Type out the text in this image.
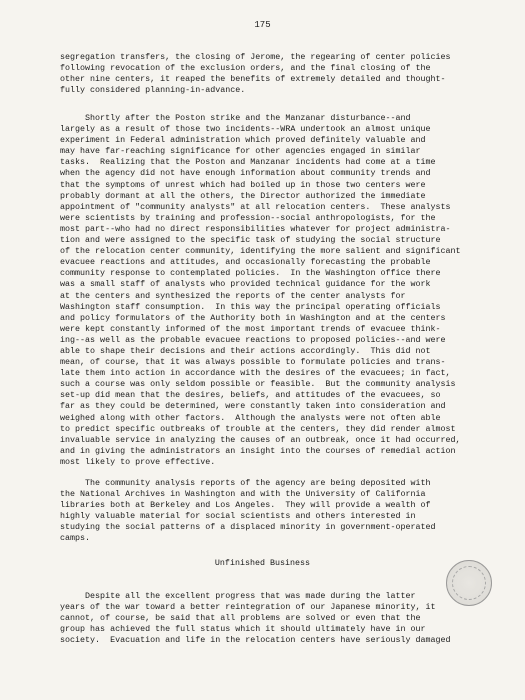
175
segregation transfers, the closing of Jerome, the regearing of center policies
following revocation of the exclusion orders, and the final closing of the
other nine centers, it reaped the benefits of extremely detailed and thought-
fully considered planning-in-advance.
Shortly after the Poston strike and the Manzanar disturbance--and
largely as a result of those two incidents--WRA undertook an almost unique
experiment in Federal administration which proved definitely valuable and
may have far-reaching significance for other agencies engaged in similar
tasks.  Realizing that the Poston and Manzanar incidents had come at a time
when the agency did not have enough information about community trends and
that the symptoms of unrest which had boiled up in those two centers were
probably dormant at all the others, the Director authorized the immediate
appointment of "community analysts" at all relocation centers.  These analysts
were scientists by training and profession--social anthropologists, for the
most part--who had no direct responsibilities whatever for project administra-
tion and were assigned to the specific task of studying the social structure
of the relocation center community, identifying the more salient and significant
evacuee reactions and attitudes, and occasionally forecasting the probable
community response to contemplated policies.  In the Washington office there
was a small staff of analysts who provided technical guidance for the work
at the centers and synthesized the reports of the center analysts for
Washington staff consumption.  In this way the principal operating officials
and policy formulators of the Authority both in Washington and at the centers
were kept constantly informed of the most important trends of evacuee think-
ing--as well as the probable evacuee reactions to proposed policies--and were
able to shape their decisions and their actions accordingly.  This did not
mean, of course, that it was always possible to formulate policies and trans-
late them into action in accordance with the desires of the evacuees; in fact,
such a course was only seldom possible or feasible.  But the community analysis
set-up did mean that the desires, beliefs, and attitudes of the evacuees, so
far as they could be determined, were constantly taken into consideration and
weighed along with other factors.  Although the analysts were not often able
to predict specific outbreaks of trouble at the centers, they did render almost
invaluable service in analyzing the causes of an outbreak, once it had occurred,
and in giving the administrators an insight into the courses of remedial action
most likely to prove effective.
The community analysis reports of the agency are being deposited with
the National Archives in Washington and with the University of California
libraries both at Berkeley and Los Angeles.  They will provide a wealth of
highly valuable material for social scientists and others interested in
studying the social patterns of a displaced minority in government-operated
camps.
Unfinished Business
Despite all the excellent progress that was made during the latter
years of the war toward a better reintegration of our Japanese minority, it
cannot, of course, be said that all problems are solved or even that the
group has achieved the full status which it should ultimately have in our
society.  Evacuation and life in the relocation centers have seriously damaged
